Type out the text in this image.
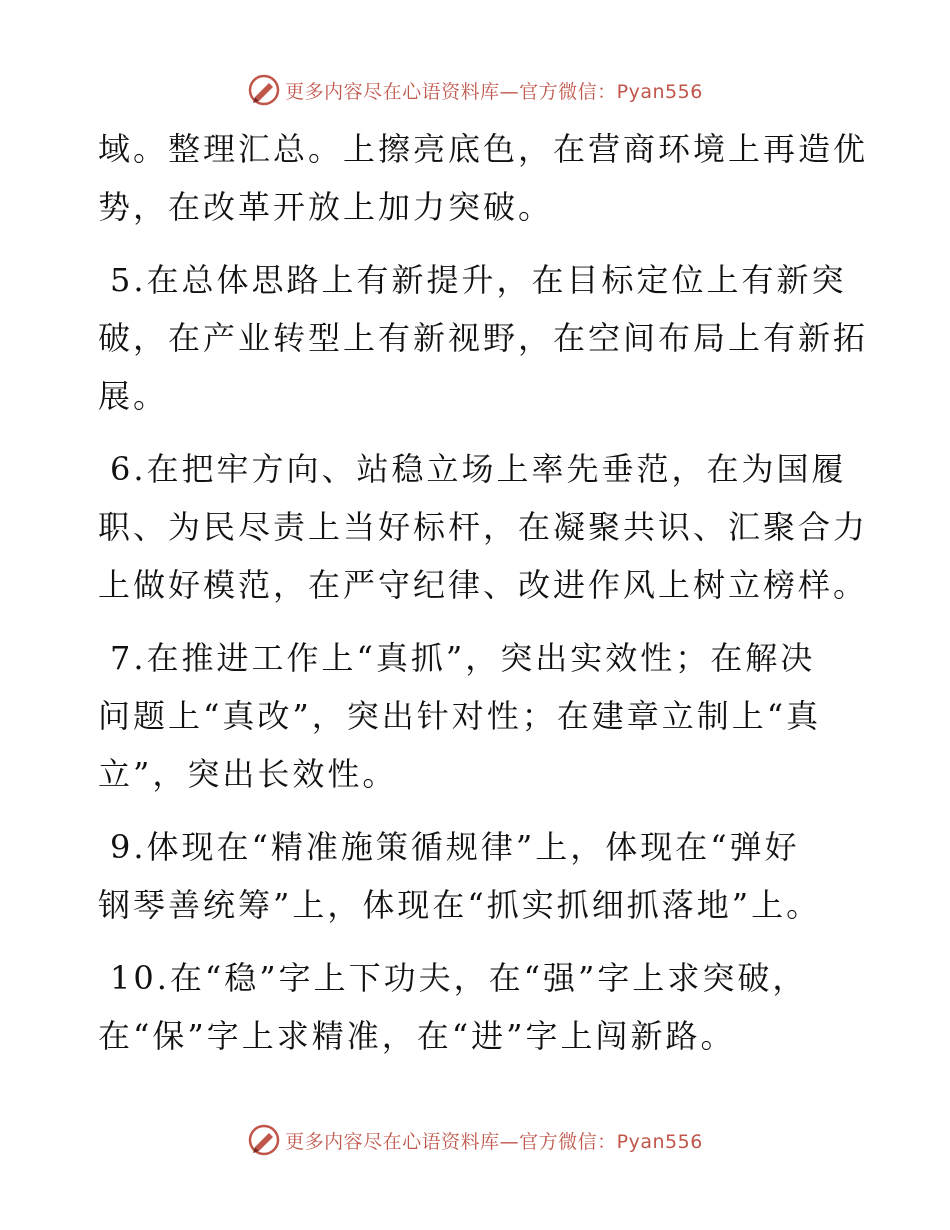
更多内容尽在心语资料库—官方微信：Pyan556

域。整理汇总。上擦亮底色，在营商环境上再造优
势，在改革开放上加力突破。

5.在总体思路上有新提升，在目标定位上有新突
破，在产业转型上有新视野，在空间布局上有新拓
展。

6.在把牢方向、站稳立场上率先垂范，在为国履
职、为民尽责上当好标杆，在凝聚共识、汇聚合力
上做好模范，在严守纪律、改进作风上树立榜样。

7.在推进工作上“真抓”，突出实效性；在解决
问题上“真改”，突出针对性；在建章立制上“真
立”，突出长效性。

9.体现在“精准施策循规律”上，体现在“弹好
钢琴善统筹”上，体现在“抓实抓细抓落地”上。

10.在“稳”字上下功夫，在“强”字上求突破，
在“保”字上求精准，在“进”字上闯新路。

更多内容尽在心语资料库—官方微信：Pyan556
